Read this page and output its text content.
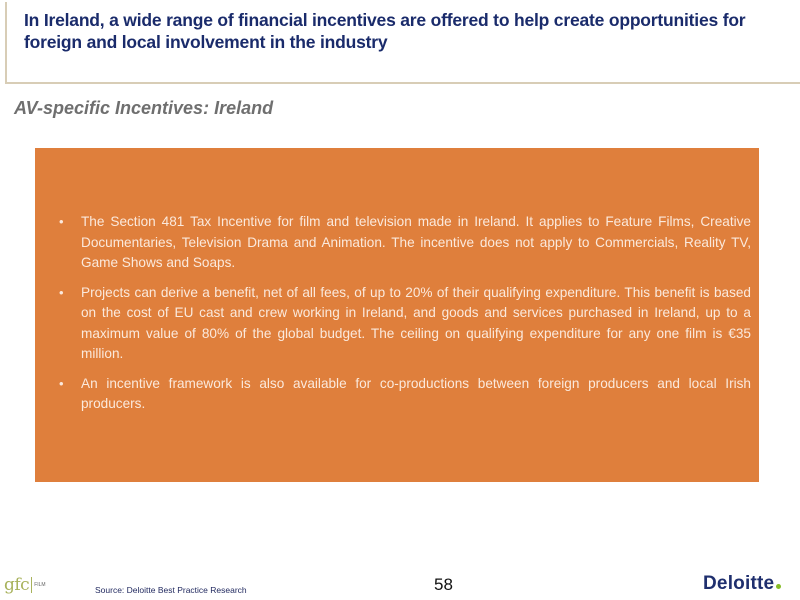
In Ireland, a wide range of financial incentives are offered to help create opportunities for foreign and local involvement in the industry
AV-specific Incentives: Ireland
• The Section 481 Tax Incentive for film and television made in Ireland. It applies to Feature Films, Creative Documentaries, Television Drama and Animation. The incentive does not apply to Commercials, Reality TV, Game Shows and Soaps.
• Projects can derive a benefit, net of all fees, of up to 20% of their qualifying expenditure. This benefit is based on the cost of EU cast and crew working in Ireland, and goods and services purchased in Ireland, up to a maximum value of 80% of the global budget. The ceiling on qualifying expenditure for any one film is €35 million.
• An incentive framework is also available for co-productions between foreign producers and local Irish producers.
gfc FILM	Source: Deloitte Best Practice Research	58	Deloitte
